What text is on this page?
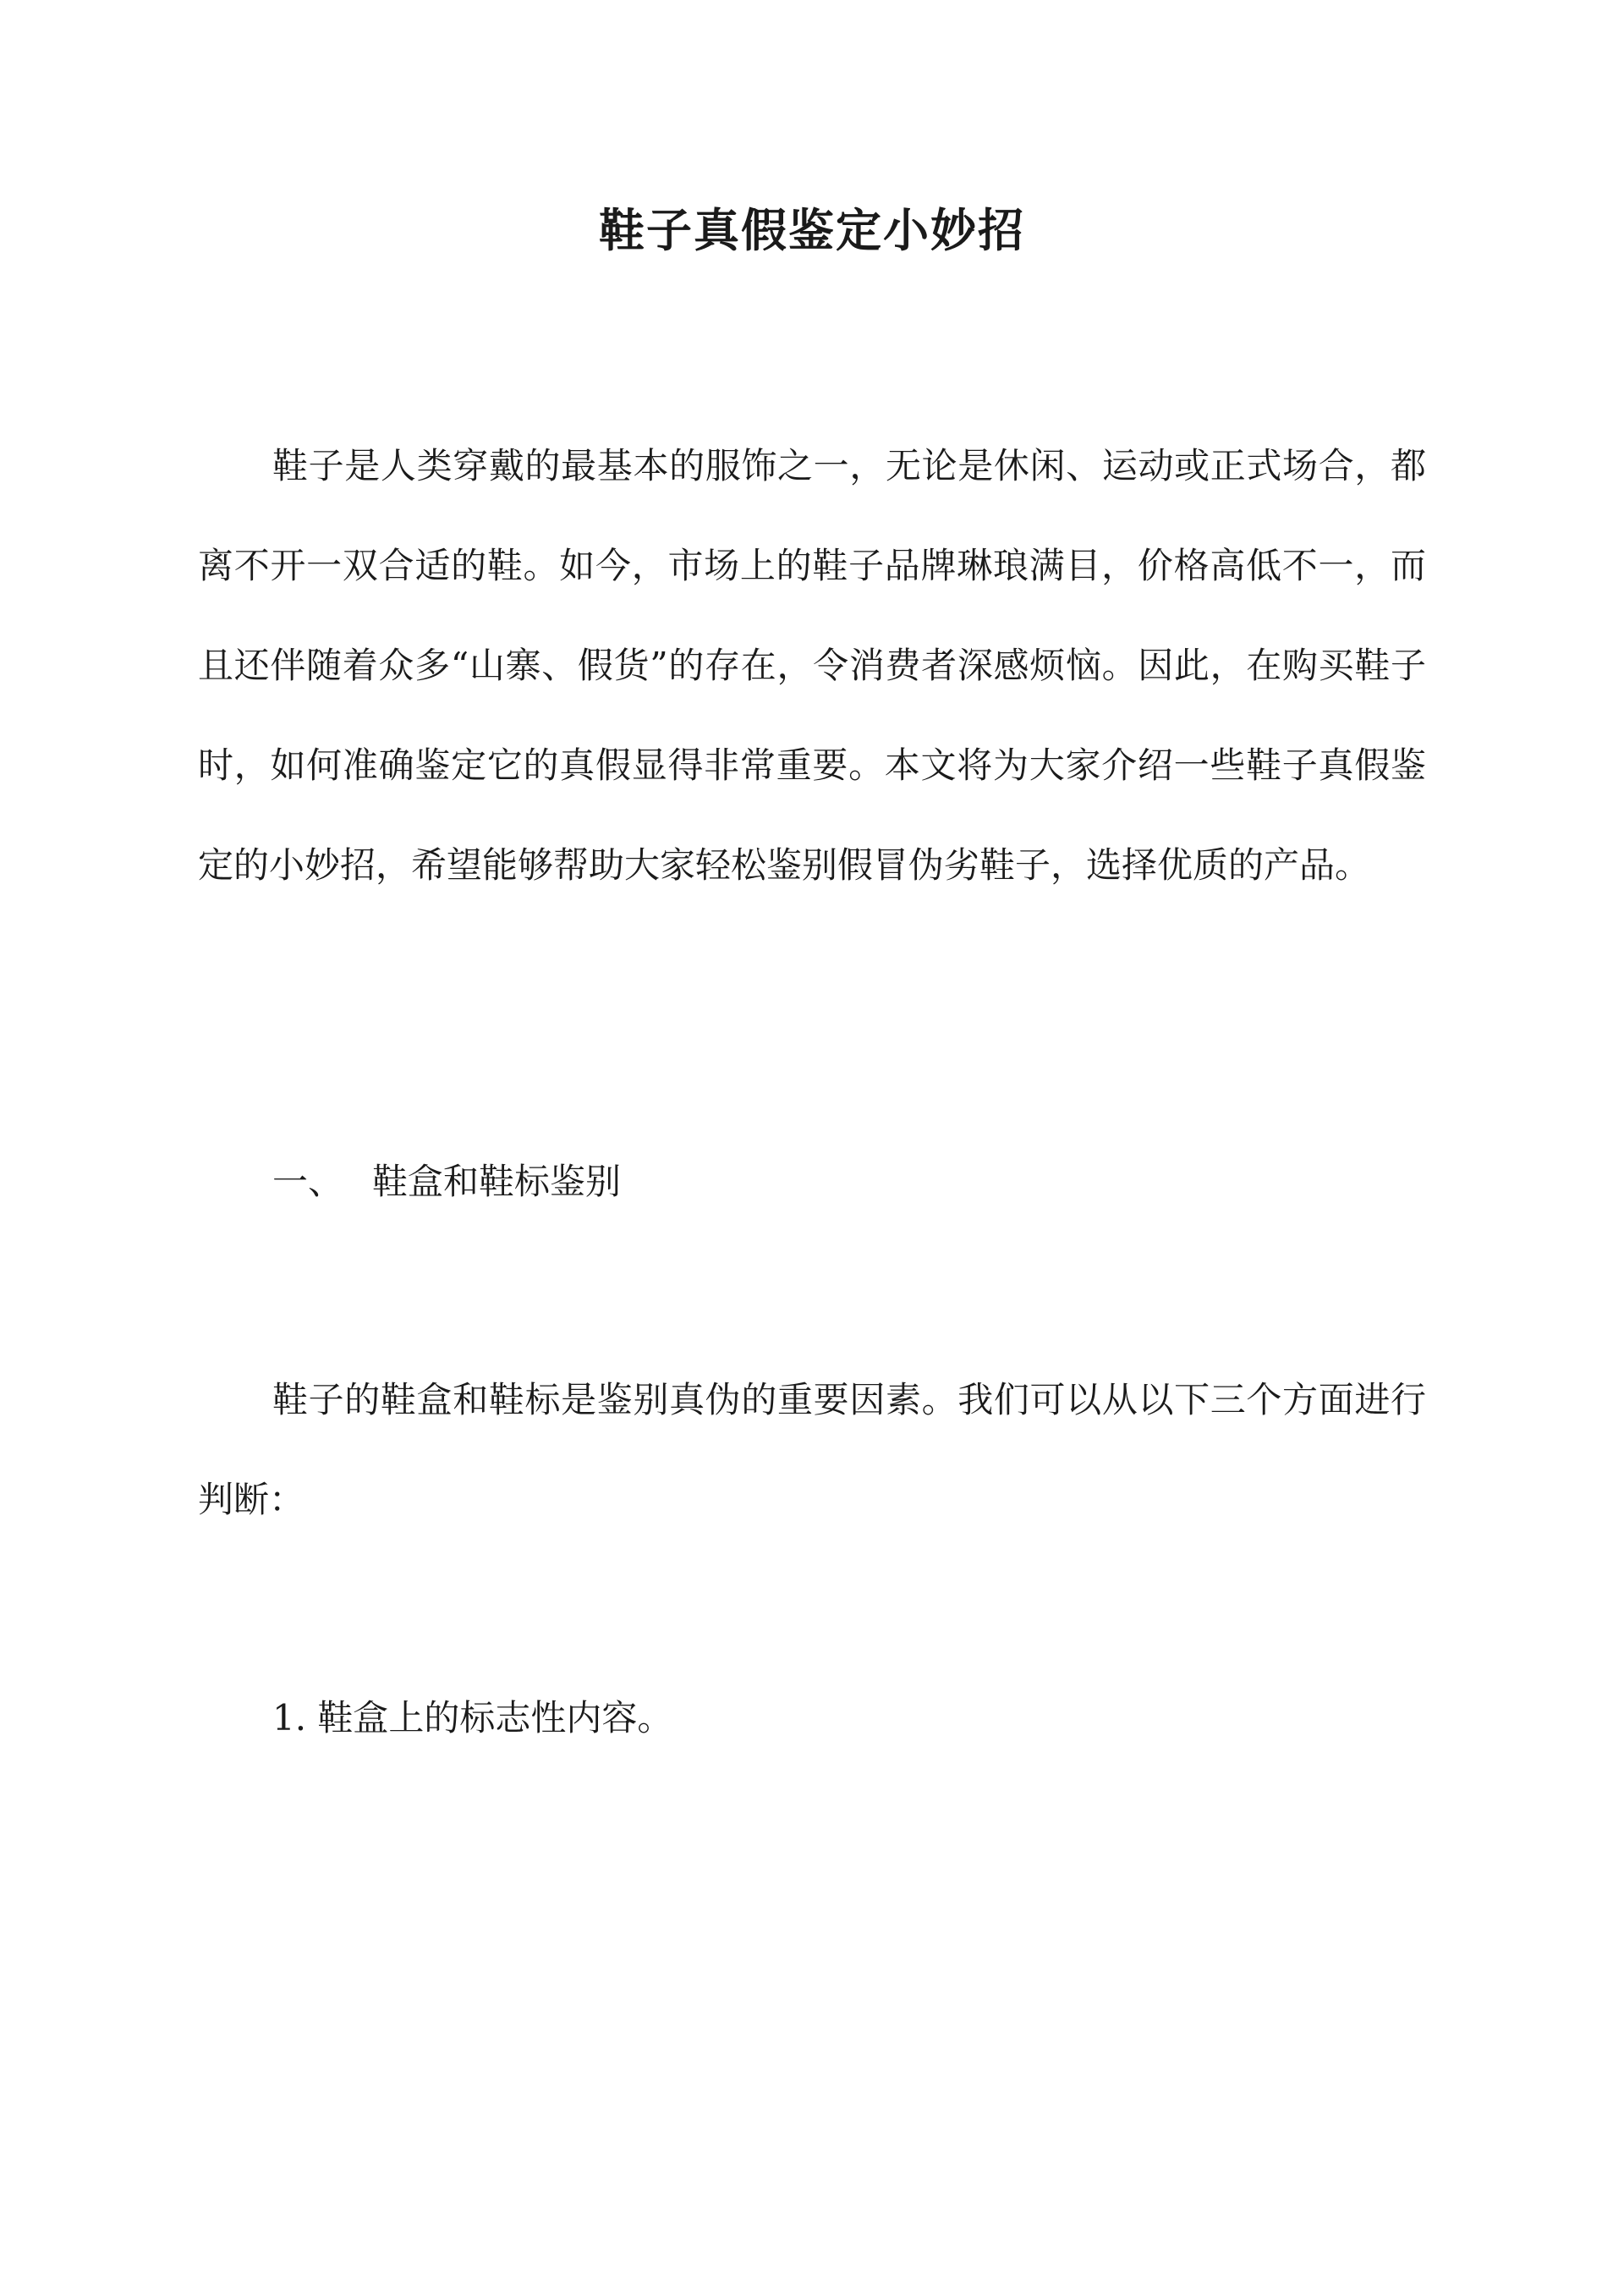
鞋子真假鉴定小妙招

鞋子是人类穿戴的最基本的服饰之一，无论是休闲、运动或正式场合，都离不开一双合适的鞋。如今，市场上的鞋子品牌琳琅满目，价格高低不一，而且还伴随着众多“山寨、假货”的存在，令消费者深感烦恼。因此，在购买鞋子时，如何准确鉴定它的真假显得非常重要。本文将为大家介绍一些鞋子真假鉴定的小妙招，希望能够帮助大家轻松鉴别假冒伪劣鞋子，选择优质的产品。

一、 鞋盒和鞋标鉴别

鞋子的鞋盒和鞋标是鉴别真伪的重要因素。我们可以从以下三个方面进行判断：

1. 鞋盒上的标志性内容。
